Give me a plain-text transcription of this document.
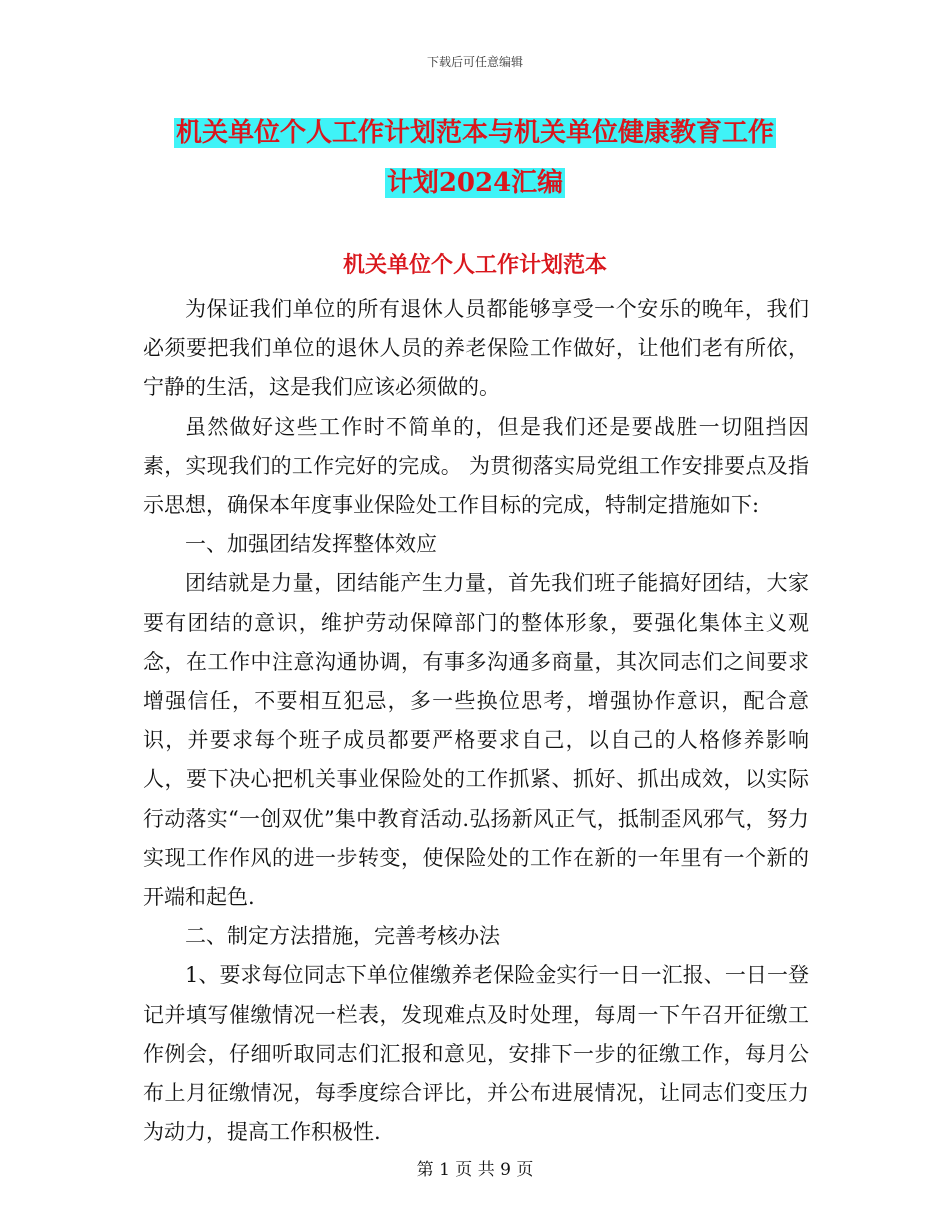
下载后可任意编辑
机关单位个人工作计划范本与机关单位健康教育工作
计划2024汇编
机关单位个人工作计划范本

为保证我们单位的所有退休人员都能够享受一个安乐的晚年，我们必须要把我们单位的退休人员的养老保险工作做好，让他们老有所依，宁静的生活，这是我们应该必须做的。

虽然做好这些工作时不简单的，但是我们还是要战胜一切阻挡因素，实现我们的工作完好的完成。 为贯彻落实局党组工作安排要点及指示思想，确保本年度事业保险处工作目标的完成，特制定措施如下:

一、加强团结发挥整体效应

团结就是力量，团结能产生力量，首先我们班子能搞好团结，大家要有团结的意识，维护劳动保障部门的整体形象，要强化集体主义观念，在工作中注意沟通协调，有事多沟通多商量，其次同志们之间要求增强信任，不要相互犯忌，多一些换位思考，增强协作意识，配合意识，并要求每个班子成员都要严格要求自己，以自己的人格修养影响人，要下决心把机关事业保险处的工作抓紧、抓好、抓出成效，以实际行动落实“一创双优”集中教育活动.弘扬新风正气，抵制歪风邪气，努力实现工作作风的进一步转变，使保险处的工作在新的一年里有一个新的开端和起色.

二、制定方法措施，完善考核办法

1、要求每位同志下单位催缴养老保险金实行一日一汇报、一日一登记并填写催缴情况一栏表，发现难点及时处理，每周一下午召开征缴工作例会，仔细听取同志们汇报和意见，安排下一步的征缴工作，每月公布上月征缴情况，每季度综合评比，并公布进展情况，让同志们变压力为动力，提高工作积极性.

第 1 页 共 9 页
